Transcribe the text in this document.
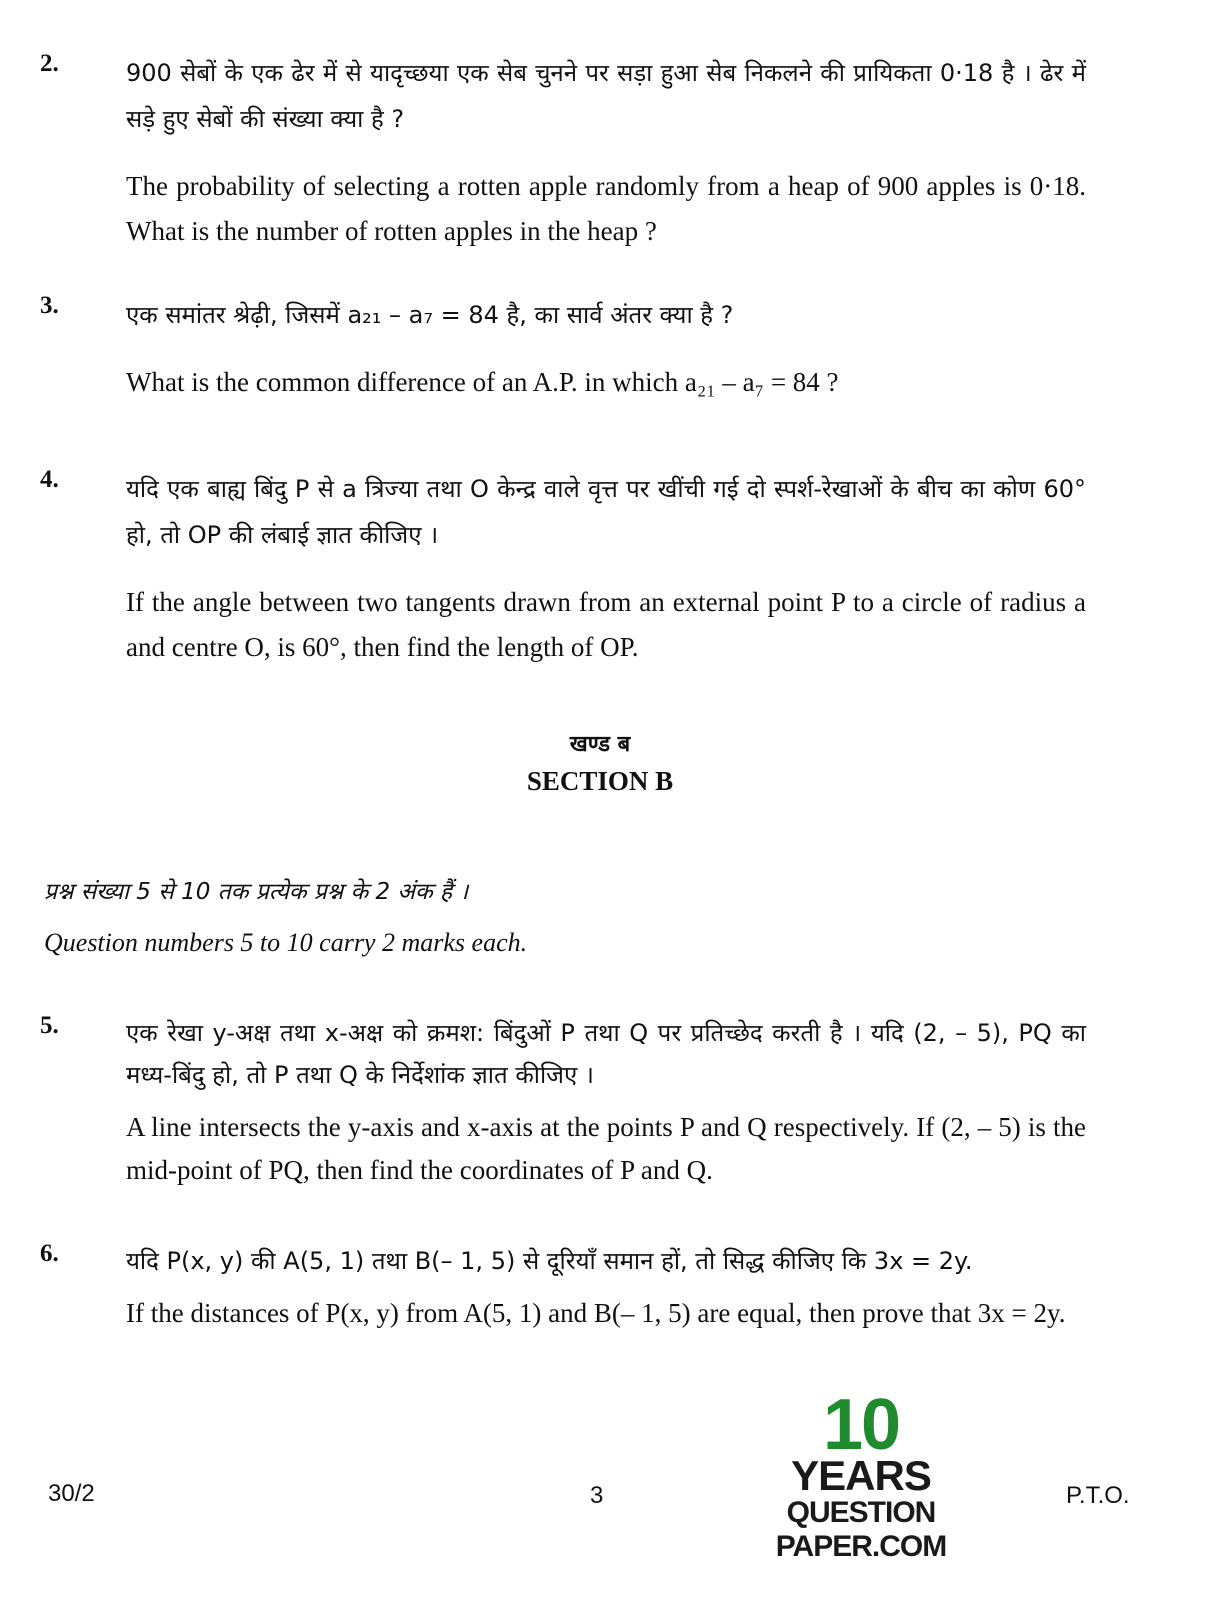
2.	900 सेबों के एक ढेर में से यादृच्छया एक सेब चुनने पर सड़ा हुआ सेब निकलने की प्रायिकता 0·18 है । ढेर में सड़े हुए सेबों की संख्या क्या है ?

The probability of selecting a rotten apple randomly from a heap of 900 apples is 0·18. What is the number of rotten apples in the heap ?

3.	एक समांतर श्रेढ़ी, जिसमें a₂₁ – a₇ = 84 है, का सार्व अंतर क्या है ?

What is the common difference of an A.P. in which a₂₁ – a₇ = 84 ?

4.	यदि एक बाह्य बिंदु P से a त्रिज्या तथा O केन्द्र वाले वृत्त पर खींची गई दो स्पर्श-रेखाओं के बीच का कोण 60° हो, तो OP की लंबाई ज्ञात कीजिए ।

If the angle between two tangents drawn from an external point P to a circle of radius a and centre O, is 60°, then find the length of OP.

खण्ड ब
SECTION B
प्रश्न संख्या 5 से 10 तक प्रत्येक प्रश्न के 2 अंक हैं ।
Question numbers 5 to 10 carry 2 marks each.
5.	एक रेखा y-अक्ष तथा x-अक्ष को क्रमश: बिंदुओं P तथा Q पर प्रतिच्छेद करती है । यदि (2, – 5), PQ का मध्य-बिंदु हो, तो P तथा Q के निर्देशांक ज्ञात कीजिए ।

A line intersects the y-axis and x-axis at the points P and Q respectively. If (2, – 5) is the mid-point of PQ, then find the coordinates of P and Q.

6.	यदि P(x, y) की A(5, 1) तथा B(– 1, 5) से दूरियाँ समान हों, तो सिद्ध कीजिए कि 3x = 2y.

If the distances of P(x, y) from A(5, 1) and B(– 1, 5) are equal, then prove that 3x = 2y.

10
YEARS
QUESTION PAPER.COM
30/2	3	P.T.O.
